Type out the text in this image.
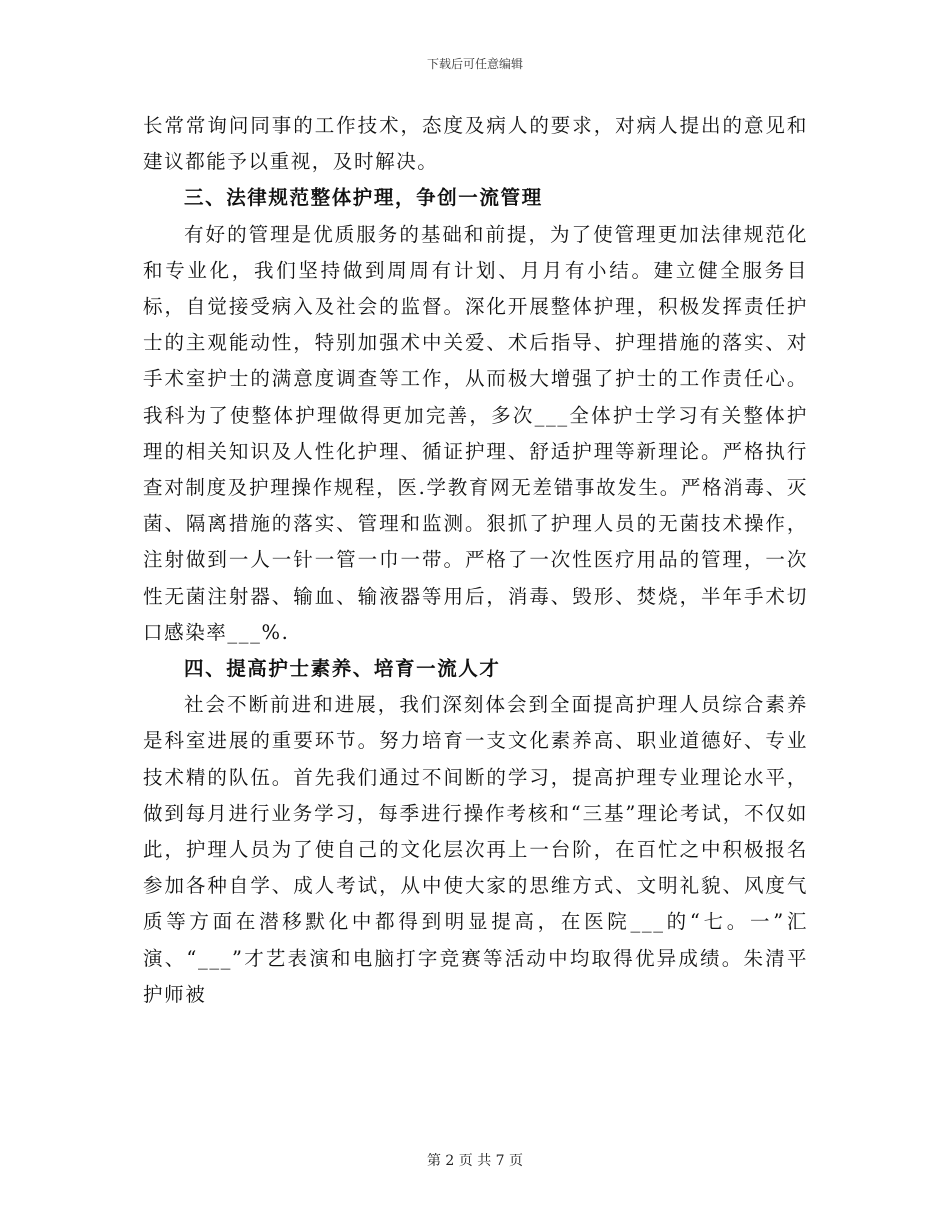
下载后可任意编辑

长常常询问同事的工作技术，态度及病人的要求，对病人提出的意见和建议都能予以重视，及时解决。

三、法律规范整体护理，争创一流管理

有好的管理是优质服务的基础和前提，为了使管理更加法律规范化和专业化，我们坚持做到周周有计划、月月有小结。建立健全服务目标，自觉接受病入及社会的监督。深化开展整体护理，积极发挥责任护士的主观能动性，特别加强术中关爱、术后指导、护理措施的落实、对手术室护士的满意度调查等工作，从而极大增强了护士的工作责任心。我科为了使整体护理做得更加完善，多次___全体护士学习有关整体护理的相关知识及人性化护理、循证护理、舒适护理等新理论。严格执行查对制度及护理操作规程，医.学教育网无差错事故发生。严格消毒、灭菌、隔离措施的落实、管理和监测。狠抓了护理人员的无菌技术操作，注射做到一人一针一管一巾一带。严格了一次性医疗用品的管理，一次性无菌注射器、输血、输液器等用后，消毒、毁形、焚烧，半年手术切口感染率___%.

四、提高护士素养、培育一流人才

社会不断前进和进展，我们深刻体会到全面提高护理人员综合素养是科室进展的重要环节。努力培育一支文化素养高、职业道德好、专业技术精的队伍。首先我们通过不间断的学习，提高护理专业理论水平，做到每月进行业务学习，每季进行操作考核和“三基”理论考试，不仅如此，护理人员为了使自己的文化层次再上一台阶，在百忙之中积极报名参加各种自学、成人考试，从中使大家的思维方式、文明礼貌、风度气质等方面在潜移默化中都得到明显提高，在医院___的“七。一”汇演、“___”才艺表演和电脑打字竞赛等活动中均取得优异成绩。朱清平护师被

第 2 页 共 7 页
